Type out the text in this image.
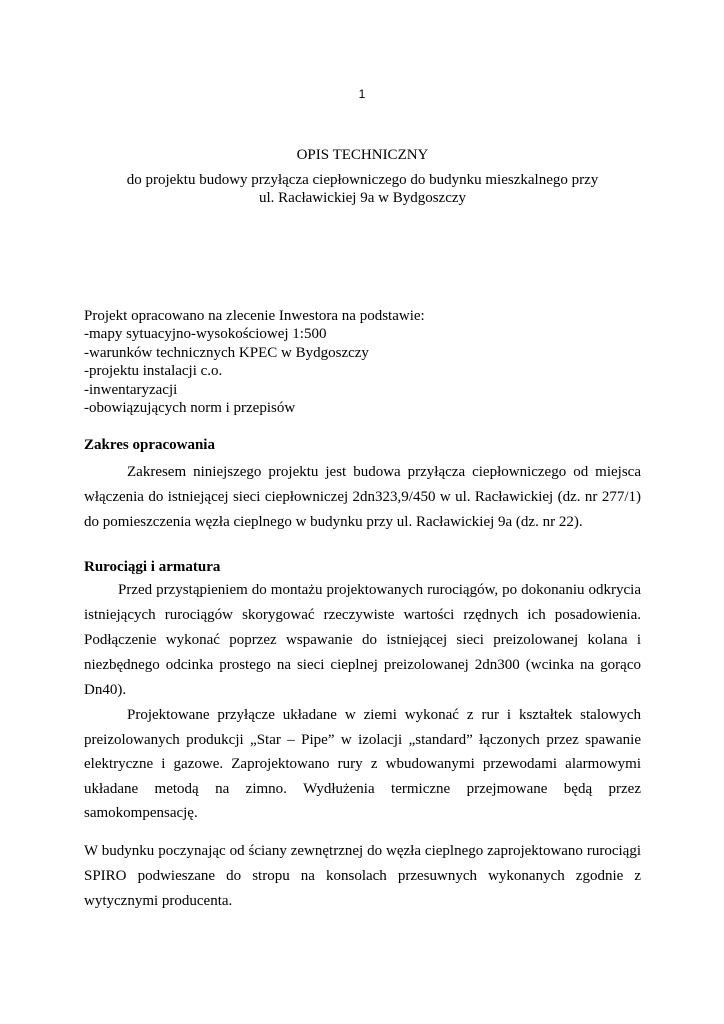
1
OPIS TECHNICZNY
do projektu budowy przyłącza ciepłowniczego do budynku mieszkalnego przy
ul. Racławickiej 9a w Bydgoszczy
Projekt opracowano na zlecenie Inwestora na podstawie:
-mapy sytuacyjno-wysokościowej 1:500
-warunków technicznych KPEC w Bydgoszczy
-projektu instalacji c.o.
-inwentaryzacji
-obowiązujących norm i przepisów
Zakres opracowania

Zakresem niniejszego projektu jest budowa przyłącza ciepłowniczego od miejsca włączenia do istniejącej sieci ciepłowniczej 2dn323,9/450 w ul. Racławickiej (dz. nr 277/1) do pomieszczenia węzła cieplnego w budynku przy ul. Racławickiej 9a (dz. nr 22).

Rurociągi i armatura

Przed przystąpieniem do montażu projektowanych rurociągów, po dokonaniu odkrycia istniejących rurociągów skorygować rzeczywiste wartości rzędnych ich posadowienia. Podłączenie wykonać poprzez wspawanie do istniejącej sieci preizolowanej kolana i niezbędnego odcinka prostego na sieci cieplnej preizolowanej 2dn300 (wcinka na gorąco Dn40).

Projektowane przyłącze układane w ziemi wykonać z rur i kształtek stalowych preizolowanych produkcji „Star – Pipe” w izolacji „standard” łączonych przez spawanie elektryczne i gazowe. Zaprojektowano rury z wbudowanymi przewodami alarmowymi układane metodą na zimno. Wydłużenia termiczne przejmowane będą przez samokompensację.

W budynku poczynając od ściany zewnętrznej do węzła cieplnego zaprojektowano rurociągi SPIRO podwieszane do stropu na konsolach przesuwnych wykonanych zgodnie z wytycznymi producenta.
